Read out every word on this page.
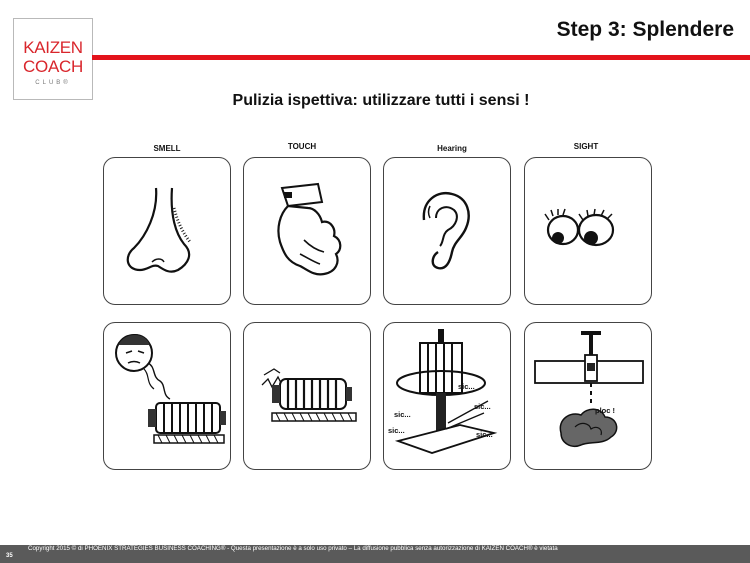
KAIZEN
COACH
CLUB®
Step 3: Splendere
Pulizia ispettiva: utilizzare tutti i sensi !
SMELL	TOUCH	Hearing	SIGHT
sic...
sic...
sic...
sic...	sic...
ploc !
35
Copyright 2015 © di PHOENIX STRATEGIES BUSINESS COACHING® - Questa presentazione è a solo uso privato – La diffusione pubblica senza autorizzazione di KAIZEN COACH® è vietata
